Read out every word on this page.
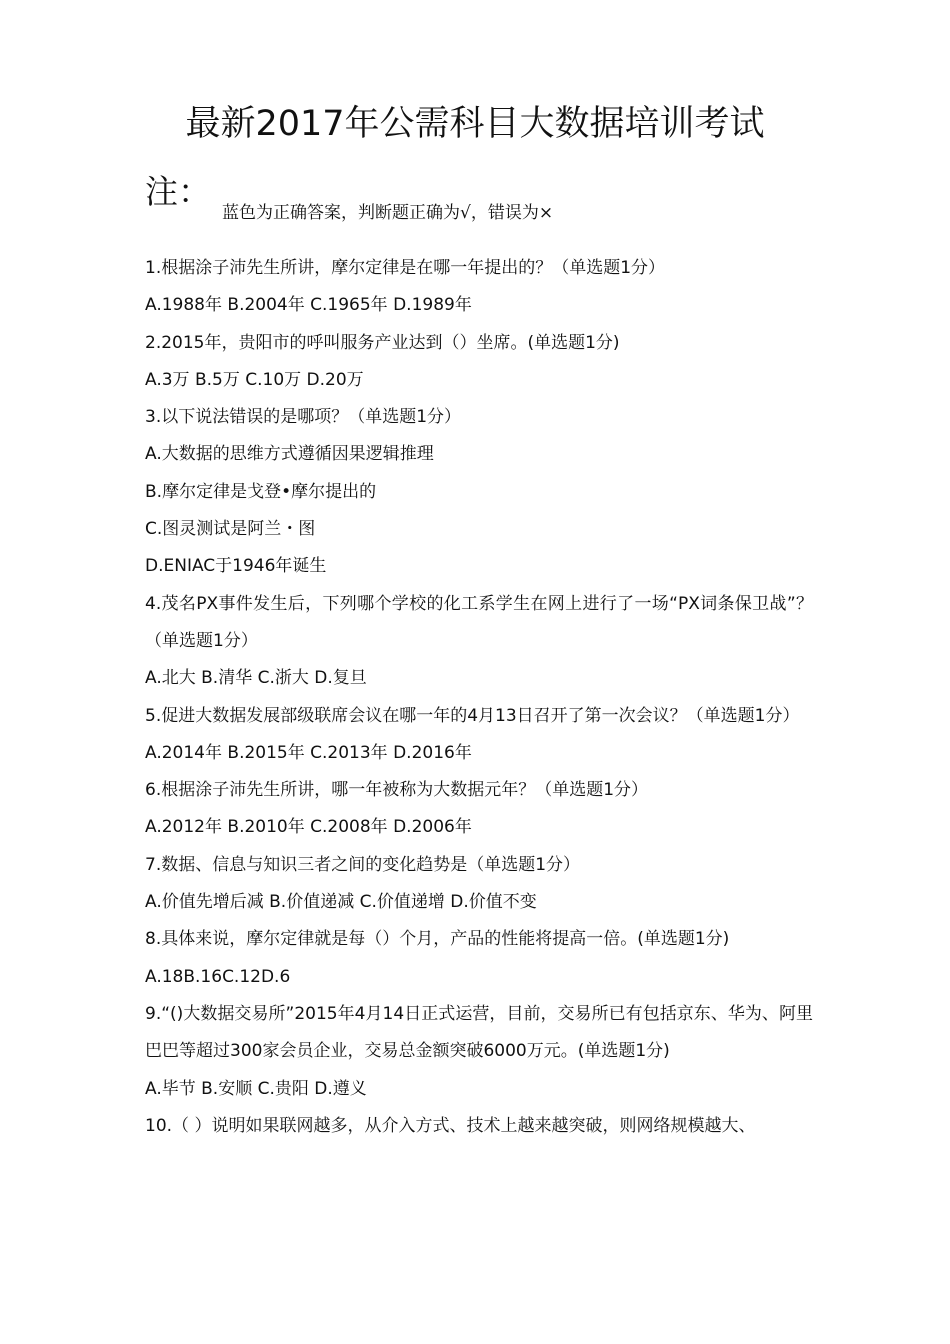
最新2017年公需科目大数据培训考试
注：
蓝色为正确答案，判断题正确为√，错误为×
1.根据涂子沛先生所讲，摩尔定律是在哪一年提出的？（单选题1分）
A.1988年 B.2004年 C.1965年 D.1989年
2.2015年，贵阳市的呼叫服务产业达到（）坐席。(单选题1分)
A.3万 B.5万 C.10万 D.20万
3.以下说法错误的是哪项？（单选题1分）
A.大数据的思维方式遵循因果逻辑推理
B.摩尔定律是戈登•摩尔提出的
C.图灵测试是阿兰・图
D.ENIAC于1946年诞生
4.茂名PX事件发生后，下列哪个学校的化工系学生在网上进行了一场“PX词条保卫战”？（单选题1分）
A.北大 B.清华 C.浙大 D.复旦
5.促进大数据发展部级联席会议在哪一年的4月13日召开了第一次会议？（单选题1分）
A.2014年 B.2015年 C.2013年 D.2016年
6.根据涂子沛先生所讲，哪一年被称为大数据元年？（单选题1分）
A.2012年 B.2010年 C.2008年 D.2006年
7.数据、信息与知识三者之间的变化趋势是（单选题1分）
A.价值先增后减 B.价值递减 C.价值递增 D.价值不变
8.具体来说，摩尔定律就是每（）个月，产品的性能将提高一倍。(单选题1分)
A.18B.16C.12D.6
9.“()大数据交易所”2015年4月14日正式运营，目前，交易所已有包括京东、华为、阿里巴巴等超过300家会员企业，交易总金额突破6000万元。(单选题1分)
A.毕节 B.安顺 C.贵阳 D.遵义
10.（ ）说明如果联网越多，从介入方式、技术上越来越突破，则网络规模越大、
